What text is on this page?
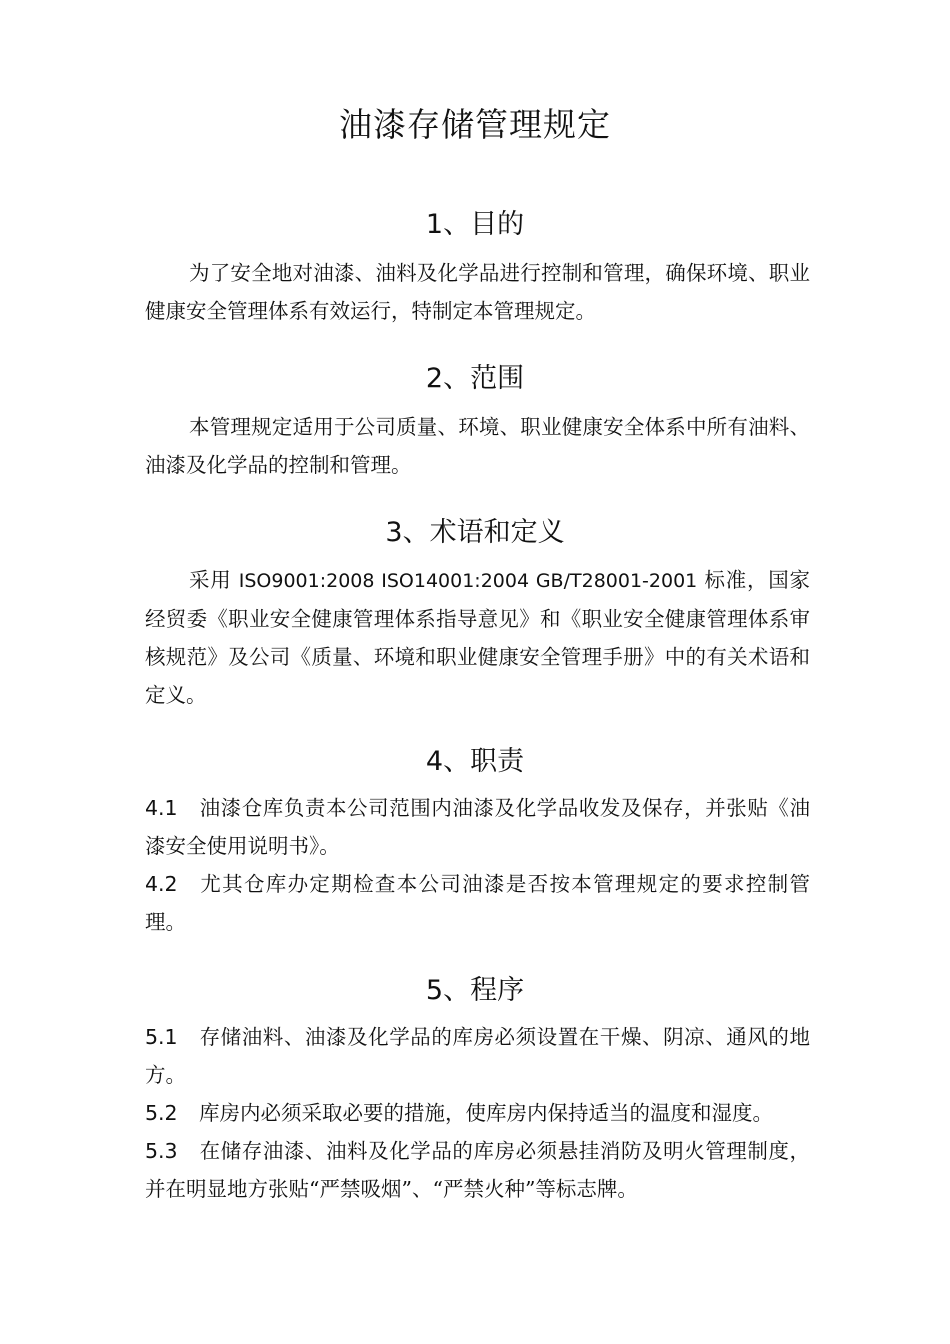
油漆存储管理规定
1、目的

为了安全地对油漆、油料及化学品进行控制和管理，确保环境、职业健康安全管理体系有效运行，特制定本管理规定。

2、范围

本管理规定适用于公司质量、环境、职业健康安全体系中所有油料、油漆及化学品的控制和管理。

3、术语和定义

采用 ISO9001:2008 ISO14001:2004 GB/T28001-2001 标准，国家经贸委《职业安全健康管理体系指导意见》和《职业安全健康管理体系审核规范》及公司《质量、环境和职业健康安全管理手册》中的有关术语和定义。

4、职责

4.1 油漆仓库负责本公司范围内油漆及化学品收发及保存，并张贴《油漆安全使用说明书》。

4.2 尤其仓库办定期检查本公司油漆是否按本管理规定的要求控制管理。

5、程序

5.1 存储油料、油漆及化学品的库房必须设置在干燥、阴凉、通风的地方。

5.2 库房内必须采取必要的措施，使库房内保持适当的温度和湿度。

5.3 在储存油漆、油料及化学品的库房必须悬挂消防及明火管理制度，并在明显地方张贴“严禁吸烟”、“严禁火种”等标志牌。
